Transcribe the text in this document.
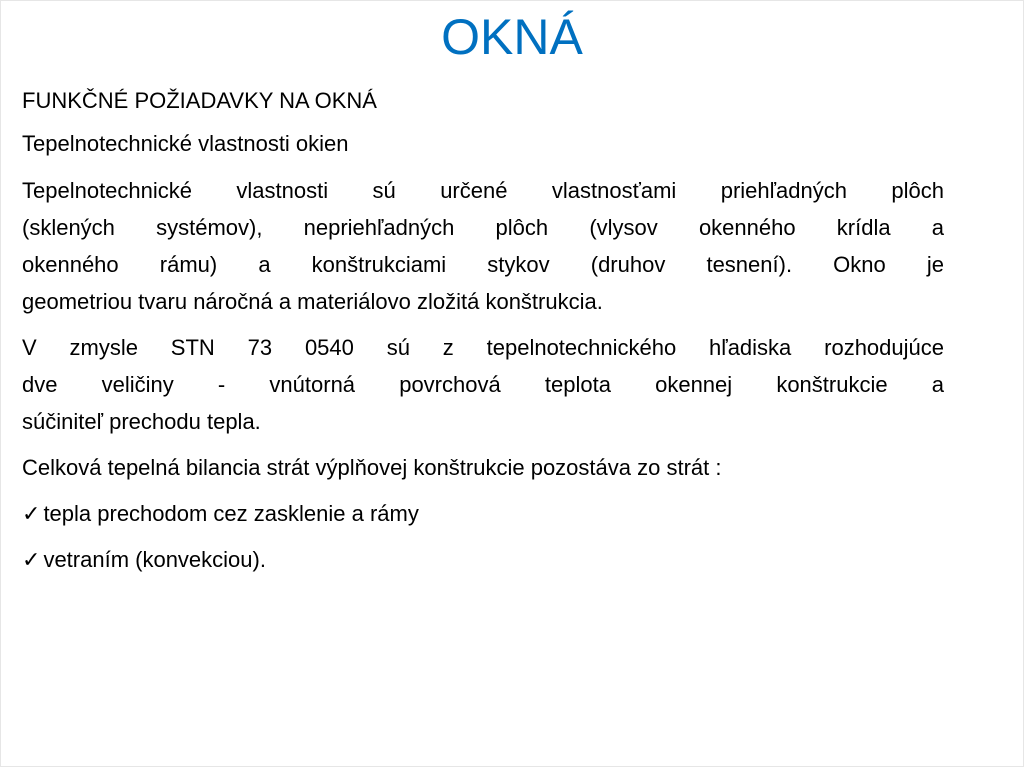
OKNÁ
FUNKČNÉ POŽIADAVKY NA OKNÁ
Tepelnotechnické vlastnosti okien
Tepelnotechnické vlastnosti sú určené vlastnosťami priehľadných plôch
(sklených systémov), nepriehľadných plôch (vlysov okenného krídla a
okenného rámu) a konštrukciami stykov (druhov tesnení). Okno je
geometriou tvaru náročná a materiálovo zložitá konštrukcia.
V zmysle STN 73 0540 sú z tepelnotechnického hľadiska rozhodujúce
dve veličiny - vnútorná povrchová teplota okennej konštrukcie a
súčiniteľ prechodu tepla.
Celková tepelná bilancia strát výplňovej konštrukcie pozostáva zo strát :
✓ tepla prechodom cez zasklenie a rámy
✓ vetraním (konvekciou).
